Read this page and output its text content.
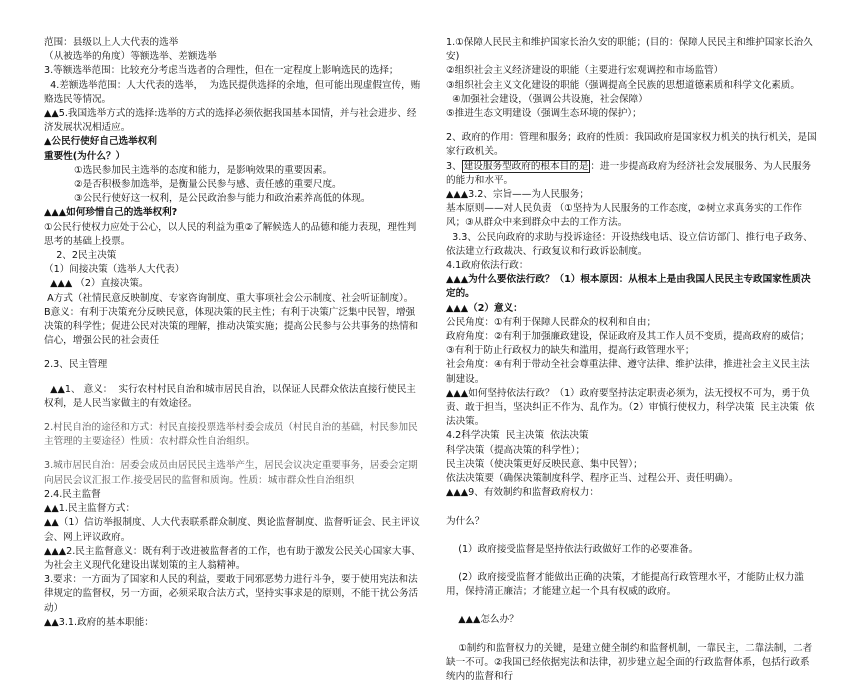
范围：县级以上人大代表的选举
（从被选举的角度）等额选举、差额选举
3.等额选举范围：比较充分考虑当选者的合理性，但在一定程度上影响选民的选择；
4.差额选举范围：人大代表的选举，  为选民提供选择的余地，但可能出现虚假宣传，贿赂选民等情况。
▲▲5.我国选举方式的选择:选举的方式的选择必须依据我国基本国情，并与社会进步、经济发展状况相适应。
▲公民行使好自己选举权利
重要性(为什么？）
①选民参加民主选举的态度和能力，是影响效果的重要因素。
②是否积极参加选举，是衡量公民参与感、责任感的重要尺度。
③公民行使好这一权利，是公民政治参与能力和政治素养高低的体现。
▲▲▲如何珍惜自己的选举权利?
①公民行使权力应处于公心，以人民的利益为重②了解候选人的品德和能力表现，理性判思考的基础上投票。
2、2民主决策
（1）间接决策（选举人大代表）
▲▲▲ （2）直接决策。
A方式（社情民意反映制度、专家咨询制度、重大事项社会公示制度、社会听证制度）。
B意义：有利于决策充分反映民意，体现决策的民主性；有利于决策广泛集中民智，增强决策的科学性；促进公民对决策的理解，推动决策实施；提高公民参与公共事务的热情和信心，增强公民的社会责任
2.3、民主管理
▲▲1、 意义：  实行农村村民自治和城市居民自治，以保证人民群众依法直接行使民主权利，是人民当家做主的有效途径。
2.村民自治的途径和方式：村民直接投票选举村委会成员（村民自治的基础，村民参加民主管理的主要途径）性质：农村群众性自治组织。
3.城市居民自治：居委会成员由居民民主选举产生，居民会议决定重要事务，居委会定期向居民会议汇报工作.接受居民的监督和质询。性质：城市群众性自治组织
2.4.民主监督
▲▲1.民主监督方式：
▲▲（1）信访举报制度、人大代表联系群众制度、舆论监督制度、监督听证会、民主评议会、网上评议政府。
▲▲▲2.民主监督意义：既有利于改进被监督者的工作，也有助于激发公民关心国家大事、为社会主义现代化建设出谋划策的主人翁精神。
3.要求：一方面为了国家和人民的利益，要敢于同邪恶势力进行斗争，要于使用宪法和法律规定的监督权，另一方面，必须采取合法方式，坚持实事求是的原则，不能干扰公务活动）
▲▲3.1.政府的基本职能：
1.①保障人民民主和维护国家长治久安的职能；(目的：保障人民民主和维护国家长治久安)
②组织社会主义经济建设的职能（主要进行宏观调控和市场监管）
③组织社会主义文化建设的职能（强调提高全民族的思想道德素质和科学文化素质。
④加强社会建设，（强调公共设施，社会保障）
⑤推进生态文明建设（强调生态环境的保护）；
2、政府的作用：管理和服务；政府的性质：我国政府是国家权力机关的执行机关，是国家行政机关。
3、 建设服务型政府的根本目的是 ：进一步提高政府为经济社会发展服务、为人民服务的能力和水平。
▲▲▲3.2、宗旨——为人民服务；
基本原则——对人民负责 （①坚持为人民服务的工作态度，②树立求真务实的工作作风；③从群众中来到群众中去的工作方法。
3.3、公民向政府的求助与投诉途径：开设热线电话、设立信访部门、推行电子政务、依法建立行政裁决、行政复议和行政诉讼制度。
4.1政府依法行政：
▲▲▲为什么要依法行政？（1）根本原因：从根本上是由我国人民民主专政国家性质决定的。
▲▲▲（2）意义：
公民角度：①有利于保障人民群众的权利和自由；
政府角度：②有利于加强廉政建设，保证政府及其工作人员不变质，提高政府的威信；③有利于防止行政权力的缺失和滥用，提高行政管理水平；
社会角度：④有利于带动全社会尊重法律、遵守法律、维护法律，推进社会主义民主法制建设。
▲▲▲如何坚持依法行政？（1）政府要坚持法定职责必须为，法无授权不可为，勇于负责、敢于担当，坚决纠正不作为、乱作为。（2）审慎行使权力，科学决策  民主决策  依法决策。
4.2科学决策  民主决策  依法决策
科学决策（提高决策的科学性）；
民主决策（使决策更好反映民意、集中民智）；
依法决策要（确保决策制度科学、程序正当、过程公开、责任明确）。
▲▲▲9、有效制约和监督政府权力：
为什么？
(1）政府接受监督是坚持依法行政做好工作的必要准备。
(2）政府接受监督才能做出正确的决策，才能提高行政管理水平，才能防止权力滥用，保持清正廉洁；才能建立起一个具有权威的政府。
▲▲▲怎么办？
①制约和监督权力的关键，是建立健全制约和监督机制，一靠民主，二靠法制，二者缺一不可。②我国已经依据宪法和法律，初步建立起全面的行政监督体系，包括行政系统内的监督和行
